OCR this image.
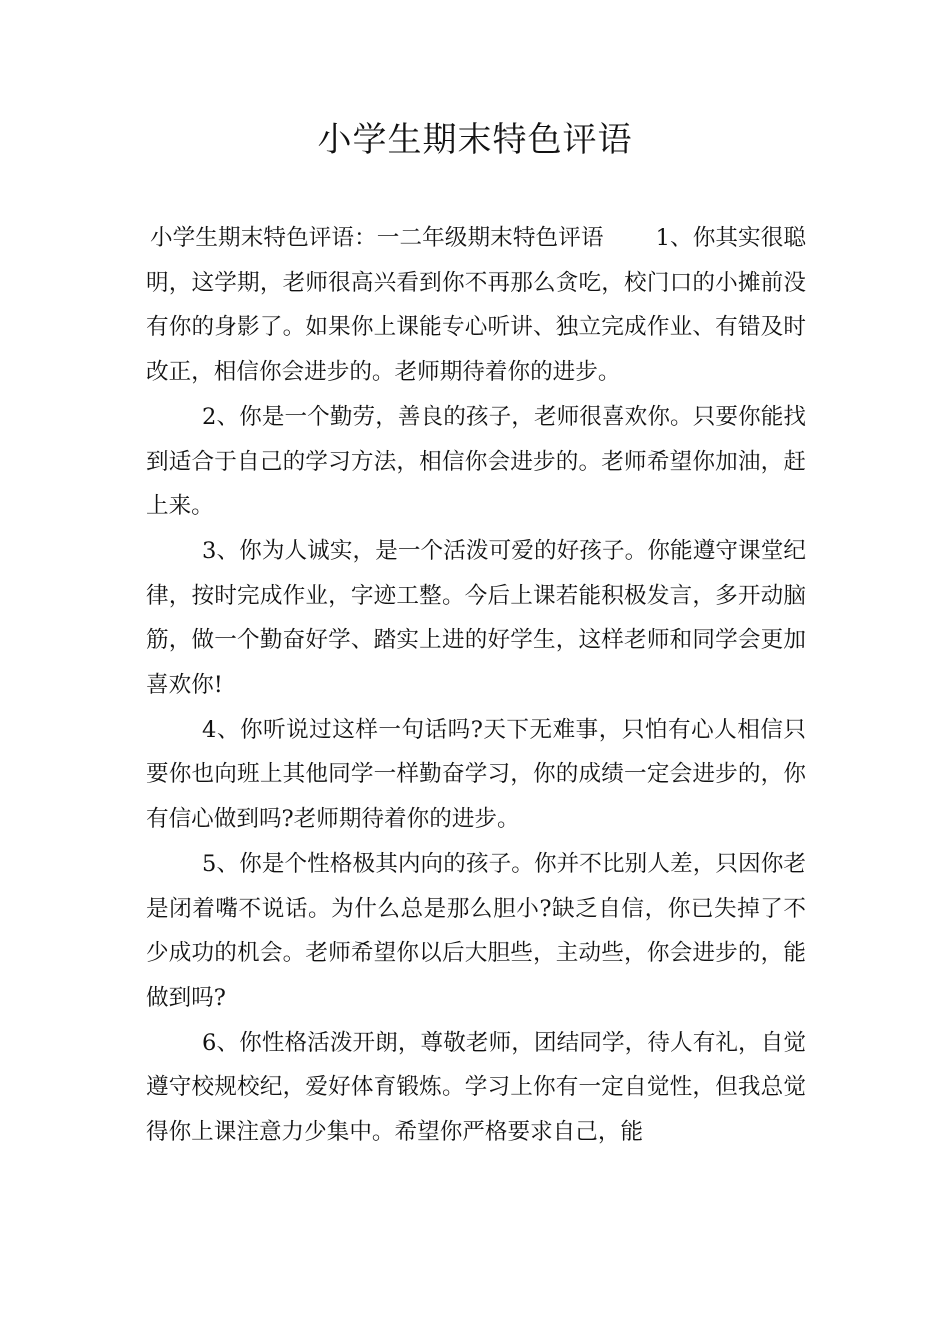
小学生期末特色评语

小学生期末特色评语：一二年级期末特色评语 1、你其实很聪明，这学期，老师很高兴看到你不再那么贪吃，校门口的小摊前没有你的身影了。如果你上课能专心听讲、独立完成作业、有错及时改正，相信你会进步的。老师期待着你的进步。

2、你是一个勤劳，善良的孩子，老师很喜欢你。只要你能找到适合于自己的学习方法，相信你会进步的。老师希望你加油，赶上来。

3、你为人诚实，是一个活泼可爱的好孩子。你能遵守课堂纪律，按时完成作业，字迹工整。今后上课若能积极发言，多开动脑筋，做一个勤奋好学、踏实上进的好学生，这样老师和同学会更加喜欢你!

4、你听说过这样一句话吗?天下无难事，只怕有心人相信只要你也向班上其他同学一样勤奋学习，你的成绩一定会进步的，你有信心做到吗?老师期待着你的进步。

5、你是个性格极其内向的孩子。你并不比别人差，只因你老是闭着嘴不说话。为什么总是那么胆小?缺乏自信，你已失掉了不少成功的机会。老师希望你以后大胆些，主动些，你会进步的，能做到吗?

6、你性格活泼开朗，尊敬老师，团结同学，待人有礼，自觉遵守校规校纪，爱好体育锻炼。学习上你有一定自觉性，但我总觉得你上课注意力少集中。希望你严格要求自己，能
